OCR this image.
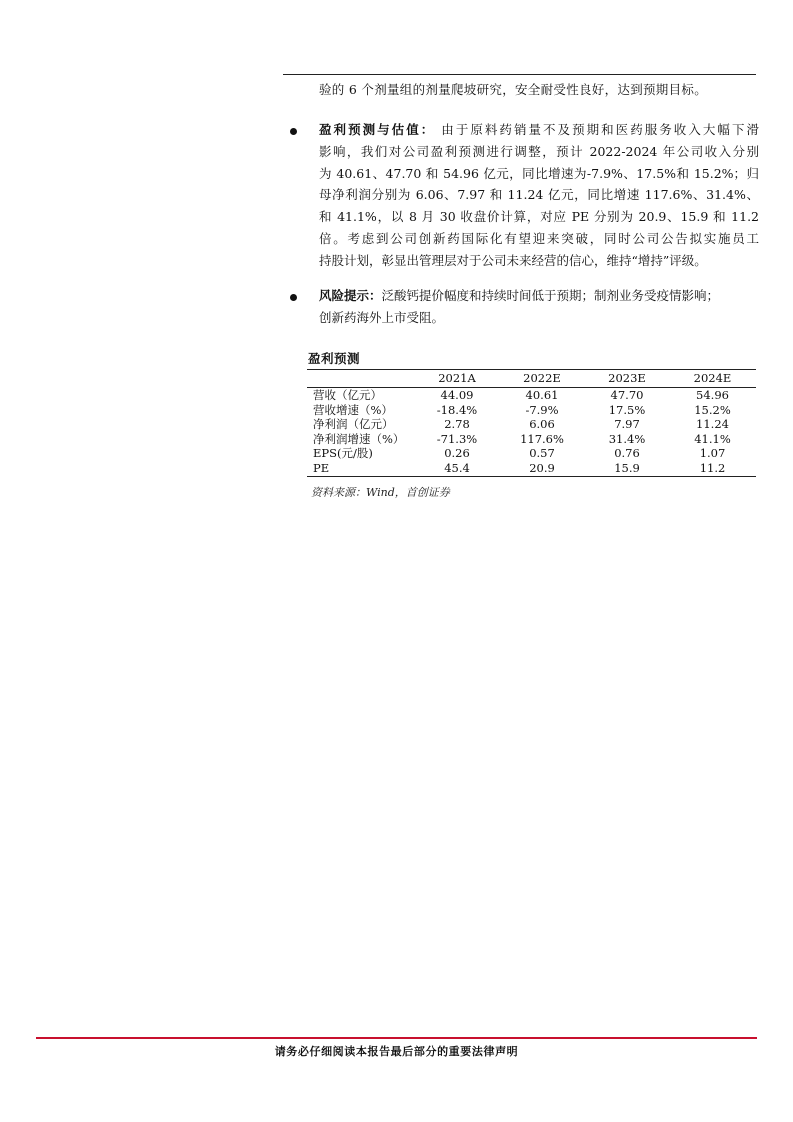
验的 6 个剂量组的剂量爬坡研究，安全耐受性良好，达到预期目标。
盈利预测与估值： 由于原料药销量不及预期和医药服务收入大幅下滑
影响，我们对公司盈利预测进行调整，预计 2022-2024 年公司收入分别
为 40.61、47.70 和 54.96 亿元，同比增速为-7.9%、17.5%和 15.2%；归
母净利润分别为 6.06、7.97 和 11.24 亿元，同比增速 117.6%、31.4%、
和 41.1%，以 8 月 30 收盘价计算，对应 PE 分别为 20.9、15.9 和 11.2
倍。考虑到公司创新药国际化有望迎来突破，同时公司公告拟实施员工
持股计划，彰显出管理层对于公司未来经营的信心，维持“增持”评级。
风险提示：泛酸钙提价幅度和持续时间低于预期；制剂业务受疫情影响；
创新药海外上市受阻。
盈利预测
	2021A	2022E	2023E	2024E
营收（亿元）	44.09	40.61	47.70	54.96
营收增速（%）	-18.4%	-7.9%	17.5%	15.2%
净利润（亿元）	2.78	6.06	7.97	11.24
净利润增速（%）	-71.3%	117.6%	31.4%	41.1%
EPS(元/股)	0.26	0.57	0.76	1.07
PE	45.4	20.9	15.9	11.2
资料来源：Wind，首创证券
请务必仔细阅读本报告最后部分的重要法律声明
